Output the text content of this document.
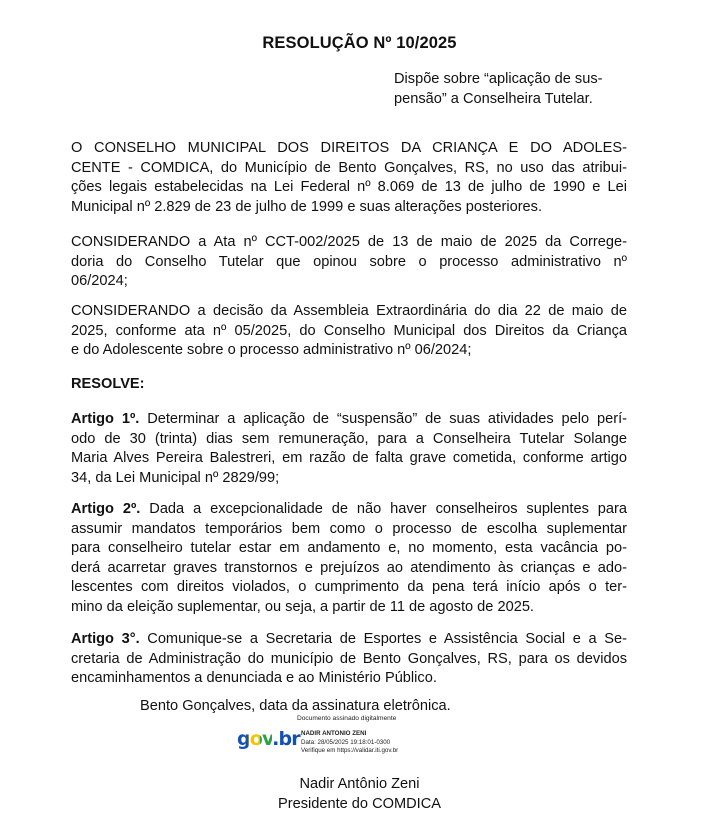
RESOLUÇÃO Nº 10/2025
Dispõe sobre “aplicação de sus-
pensão” a Conselheira Tutelar.
O CONSELHO MUNICIPAL DOS DIREITOS DA CRIANÇA E DO ADOLES-
CENTE - COMDICA, do Município de Bento Gonçalves, RS, no uso das atribui-
ções legais estabelecidas na Lei Federal nº 8.069 de 13 de julho de 1990 e Lei
Municipal nº 2.829 de 23 de julho de 1999 e suas alterações posteriores.
CONSIDERANDO a Ata nº CCT-002/2025 de 13 de maio de 2025 da Correge-
doria do Conselho Tutelar que opinou sobre o processo administrativo nº
06/2024;
CONSIDERANDO a decisão da Assembleia Extraordinária do dia 22 de maio de
2025, conforme ata nº 05/2025, do Conselho Municipal dos Direitos da Criança
e do Adolescente sobre o processo administrativo nº 06/2024;
RESOLVE:
Artigo 1º. Determinar a aplicação de “suspensão” de suas atividades pelo perí-
odo de 30 (trinta) dias sem remuneração, para a Conselheira Tutelar Solange
Maria Alves Pereira Balestreri, em razão de falta grave cometida, conforme artigo
34, da Lei Municipal nº 2829/99;
Artigo 2º. Dada a excepcionalidade de não haver conselheiros suplentes para
assumir mandatos temporários bem como o processo de escolha suplementar
para conselheiro tutelar estar em andamento e, no momento, esta vacância po-
derá acarretar graves transtornos e prejuízos ao atendimento às crianças e ado-
lescentes com direitos violados, o cumprimento da pena terá início após o ter-
mino da eleição suplementar, ou seja, a partir de 11 de agosto de 2025.
Artigo 3°. Comunique-se a Secretaria de Esportes e Assistência Social e a Se-
cretaria de Administração do município de Bento Gonçalves, RS, para os devidos
encaminhamentos a denunciada e ao Ministério Público.
Bento Gonçalves, data da assinatura eletrônica.
gov.br
Documento assinado digitalmente
NADIR ANTONIO ZENI
Data: 28/05/2025 19:18:01-0300
Verifique em https://validar.iti.gov.br
Nadir Antônio Zeni
Presidente do COMDICA
